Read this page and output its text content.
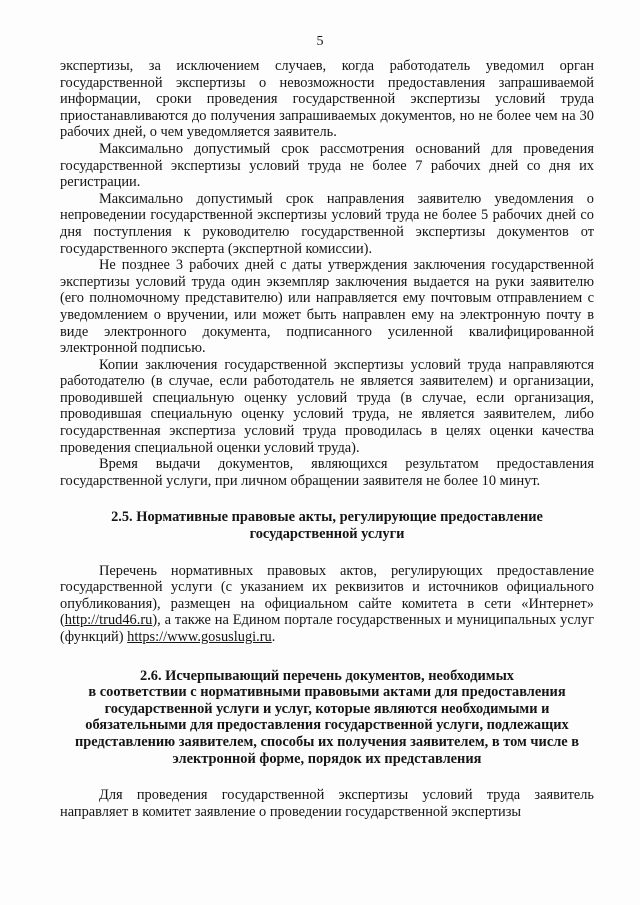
5

экспертизы, за исключением случаев, когда работодатель уведомил орган государственной экспертизы о невозможности предоставления запрашиваемой информации, сроки проведения государственной экспертизы условий труда приостанавливаются до получения запрашиваемых документов, но не более чем на 30 рабочих дней, о чем уведомляется заявитель.

Максимально допустимый срок рассмотрения оснований для проведения государственной экспертизы условий труда не более 7 рабочих дней со дня их регистрации.

Максимально допустимый срок направления заявителю уведомления о непроведении государственной экспертизы условий труда не более 5 рабочих дней со дня поступления к руководителю государственной экспертизы документов от государственного эксперта (экспертной комиссии).

Не позднее 3 рабочих дней с даты утверждения заключения государственной экспертизы условий труда один экземпляр заключения выдается на руки заявителю (его полномочному представителю) или направляется ему почтовым отправлением с уведомлением о вручении, или может быть направлен ему на электронную почту в виде электронного документа, подписанного усиленной квалифицированной электронной подписью.

Копии заключения государственной экспертизы условий труда направляются работодателю (в случае, если работодатель не является заявителем) и организации, проводившей специальную оценку условий труда (в случае, если организация, проводившая специальную оценку условий труда, не является заявителем, либо государственная экспертиза условий труда проводилась в целях оценки качества проведения специальной оценки условий труда).

Время выдачи документов, являющихся результатом предоставления государственной услуги, при личном обращении заявителя не более 10 минут.

2.5. Нормативные правовые акты, регулирующие предоставление

государственной услуги

Перечень нормативных правовых актов, регулирующих предоставление государственной услуги (с указанием их реквизитов и источников официального опубликования), размещен на официальном сайте комитета в сети «Интернет» (http://trud46.ru), а также на Едином портале государственных и муниципальных услуг (функций) https://www.gosuslugi.ru.

2.6. Исчерпывающий перечень документов, необходимых

в соответствии с нормативными правовыми актами для предоставления

государственной услуги и услуг, которые являются необходимыми и

обязательными для предоставления государственной услуги, подлежащих

представлению заявителем, способы их получения заявителем, в том числе в

электронной форме, порядок их представления

Для проведения государственной экспертизы условий труда заявитель направляет в комитет заявление о проведении государственной экспертизы
